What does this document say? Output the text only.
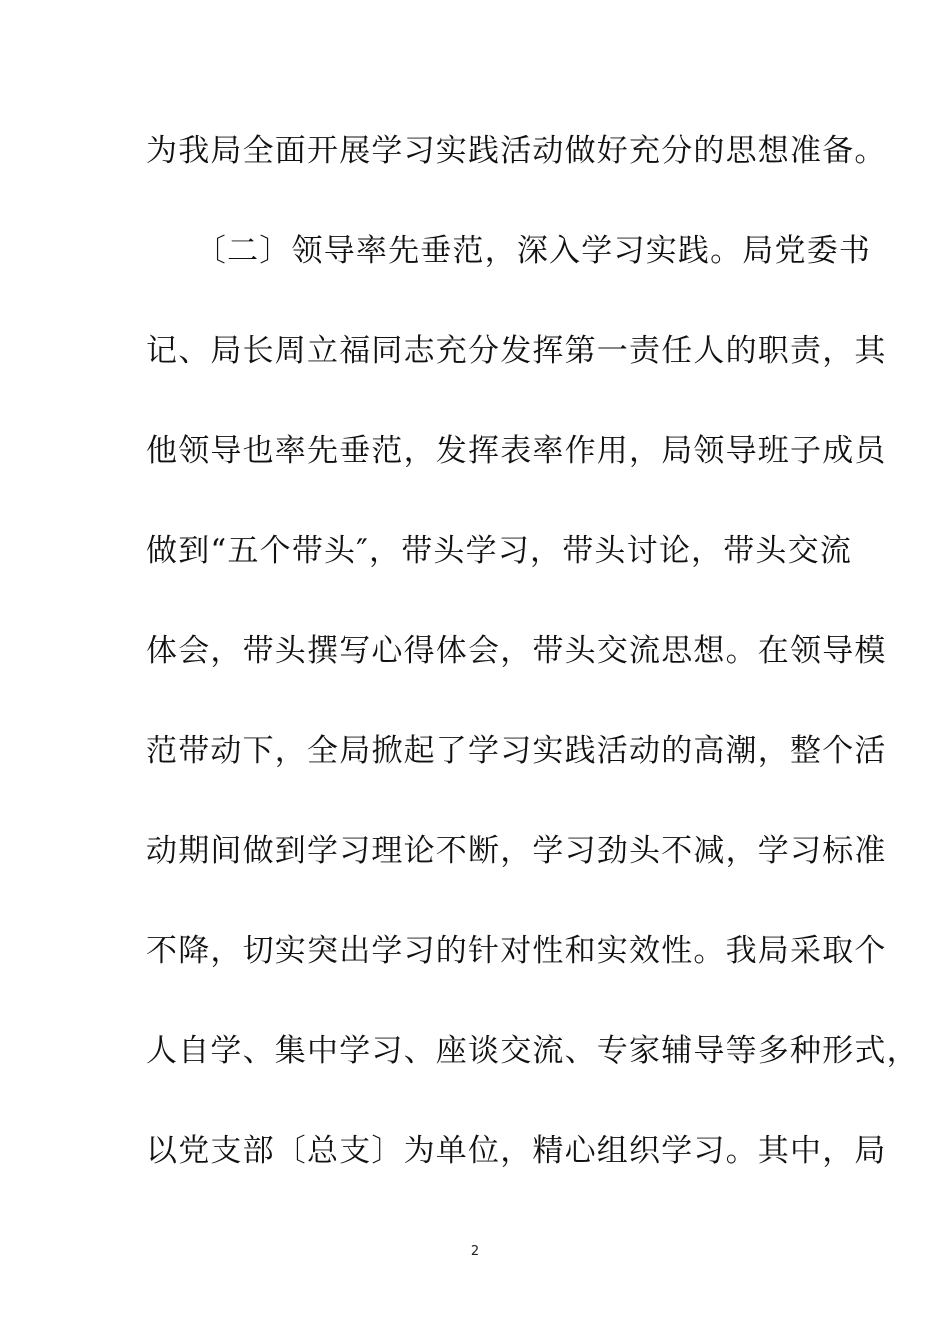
为我局全面开展学习实践活动做好充分的思想准备。
　　〔二〕领导率先垂范，深入学习实践。局党委书
记、局长周立福同志充分发挥第一责任人的职责，其
他领导也率先垂范，发挥表率作用，局领导班子成员
做到“五个带头″，带头学习，带头讨论，带头交流
体会，带头撰写心得体会，带头交流思想。在领导模
范带动下，全局掀起了学习实践活动的高潮，整个活
动期间做到学习理论不断，学习劲头不减，学习标准
不降，切实突出学习的针对性和实效性。我局采取个
人自学、集中学习、座谈交流、专家辅导等多种形式，
以党支部〔总支〕为单位，精心组织学习。其中，局
2
